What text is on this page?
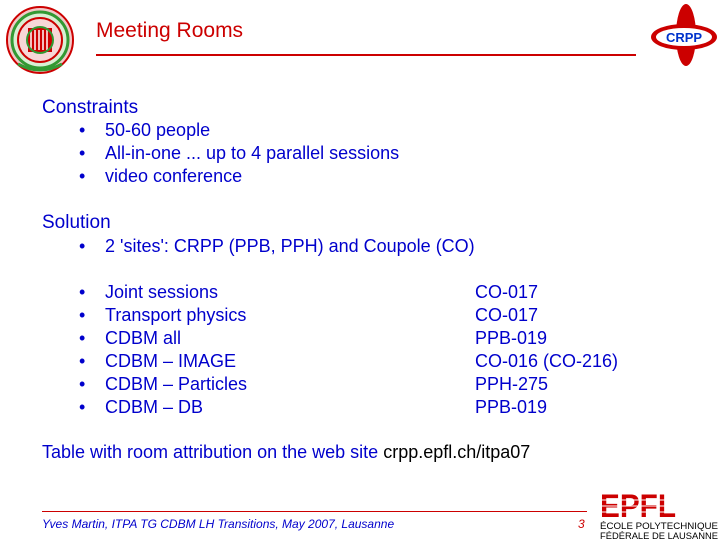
Meeting Rooms	CRPP
Constraints
• 50-60 people
• All-in-one ... up to 4 parallel sessions
• video conference
Solution
• 2 'sites': CRPP (PPB, PPH) and Coupole (CO)
• Joint sessions
• Transport physics
• CDBM all
• CDBM – IMAGE
• CDBM – Particles
• CDBM – DB
CO-017
CO-017
PPB-019
CO-016 (CO-216)
PPH-275
PPB-019
Table with room attribution on the web site crpp.epfl.ch/itpa07
Yves Martin, ITPA TG CDBM LH Transitions, May 2007, Lausanne	3 EPFL
ÉCOLE POLYTECHNIQUE
FÉDÉRALE DE LAUSANNE
